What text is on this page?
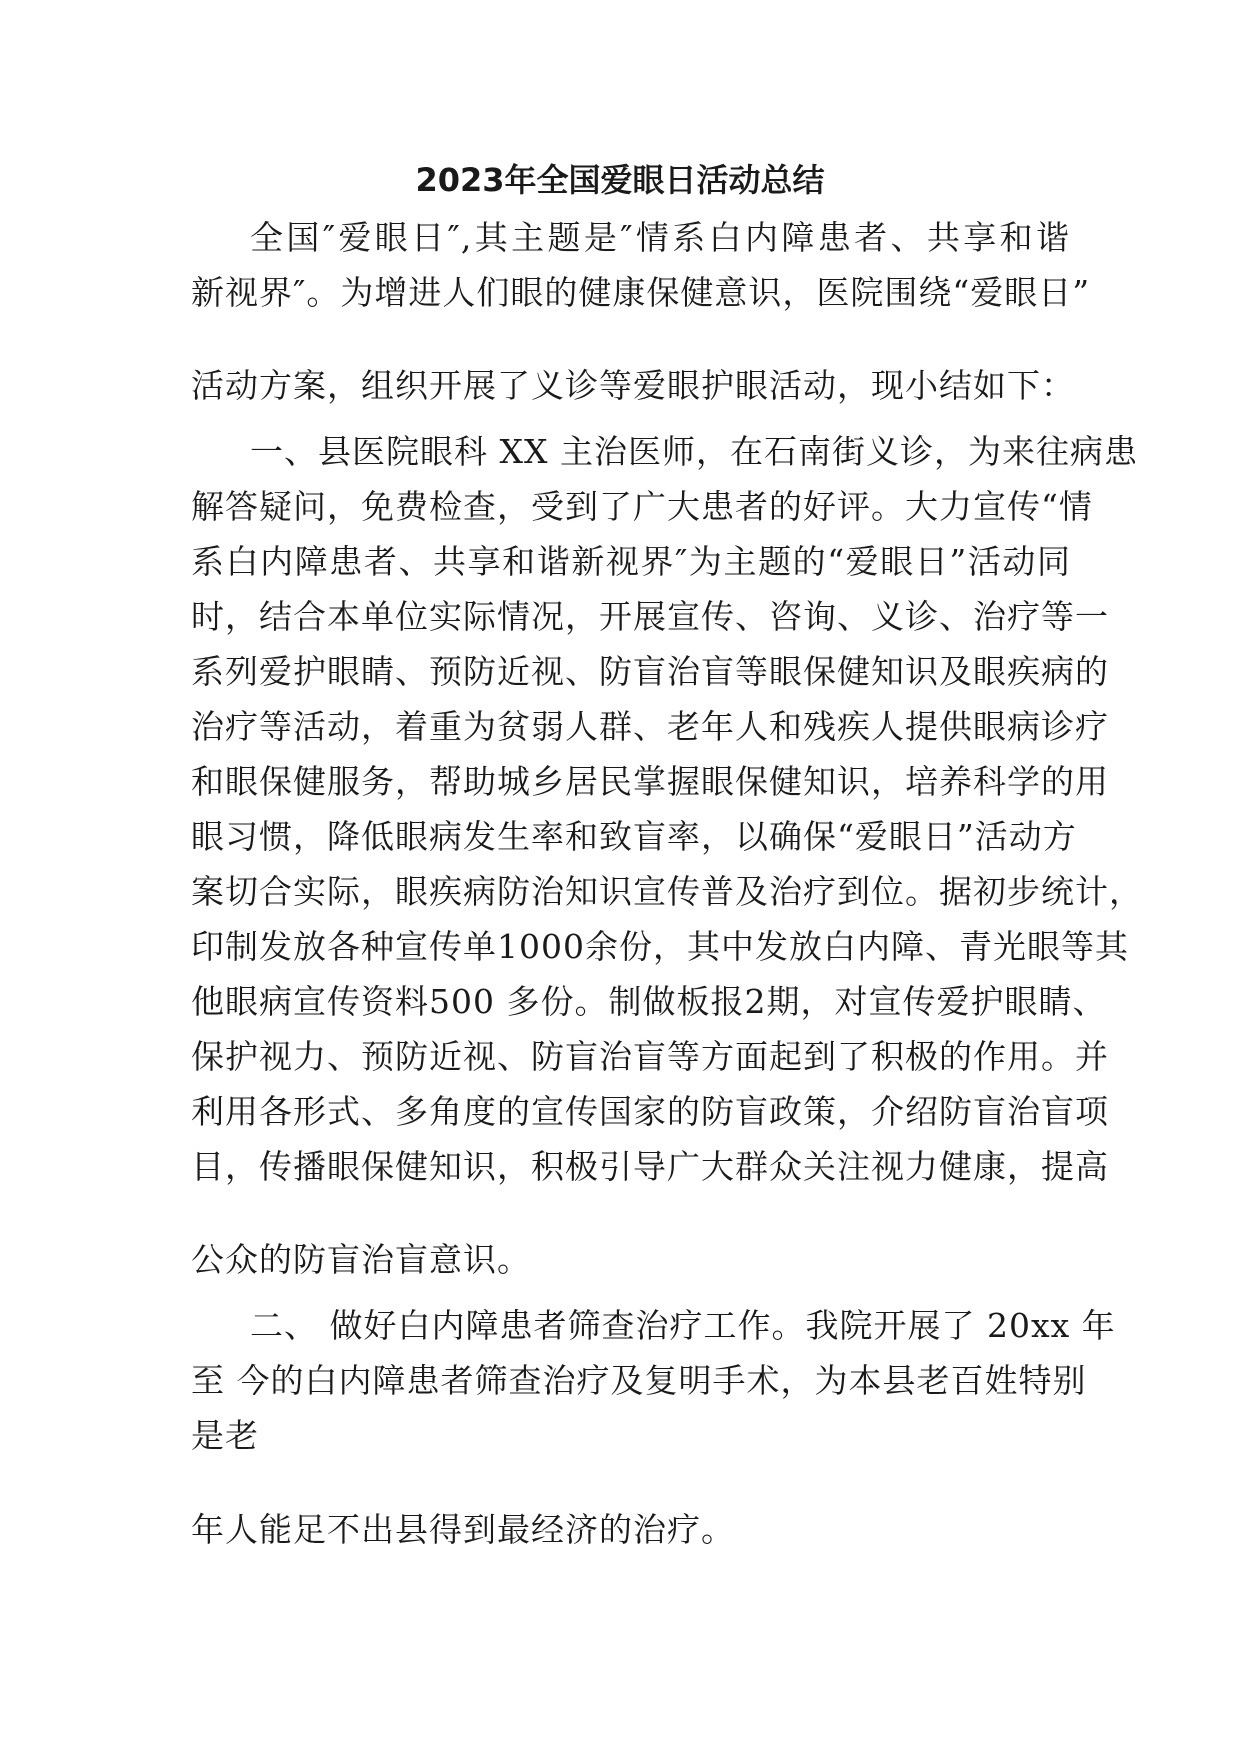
2023年全国爱眼日活动总结
全国″爱眼日″,其主题是″情系白内障患者、共享和谐
新视界″。为增进人们眼的健康保健意识，医院围绕“爱眼日”
活动方案，组织开展了义诊等爱眼护眼活动，现小结如下：
一、县医院眼科 XX 主治医师，在石南街义诊，为来往病患
解答疑问，免费检查，受到了广大患者的好评。大力宣传“情
系白内障患者、共享和谐新视界″为主题的“爱眼日”活动同
时，结合本单位实际情况，开展宣传、咨询、义诊、治疗等一
系列爱护眼睛、预防近视、防盲治盲等眼保健知识及眼疾病的
治疗等活动，着重为贫弱人群、老年人和残疾人提供眼病诊疗
和眼保健服务，帮助城乡居民掌握眼保健知识，培养科学的用
眼习惯，降低眼病发生率和致盲率，以确保“爱眼日”活动方
案切合实际，眼疾病防治知识宣传普及治疗到位。据初步统计，
印制发放各种宣传单1000余份，其中发放白内障、青光眼等其
他眼病宣传资料500 多份。制做板报2期，对宣传爱护眼睛、
保护视力、预防近视、防盲治盲等方面起到了积极的作用。并
利用各形式、多角度的宣传国家的防盲政策，介绍防盲治盲项
目，传播眼保健知识，积极引导广大群众关注视力健康，提高
公众的防盲治盲意识。
二、 做好白内障患者筛查治疗工作。我院开展了 20xx 年
至 今的白内障患者筛查治疗及复明手术，为本县老百姓特别
是老
年人能足不出县得到最经济的治疗。
